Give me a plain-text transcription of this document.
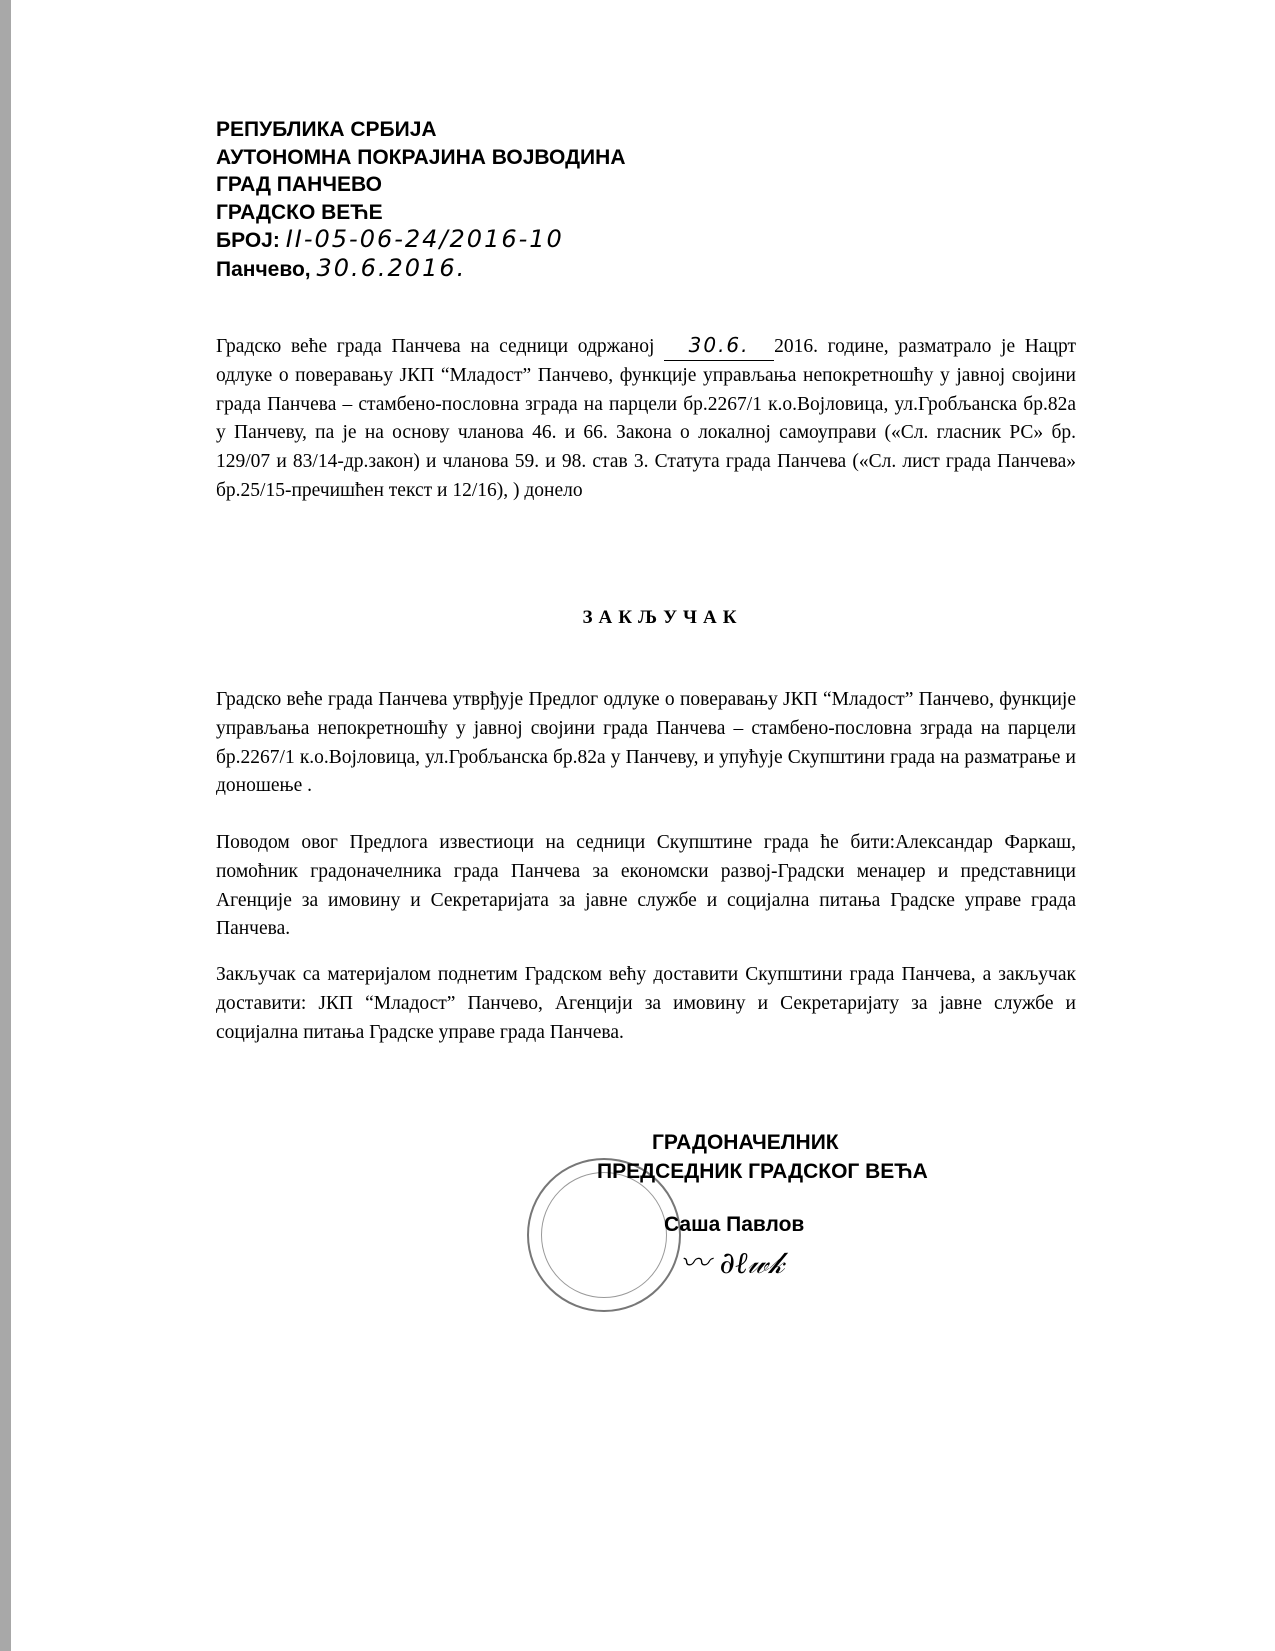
РЕПУБЛИКА СРБИЈА
АУТОНОМНА ПОКРАЈИНА ВОЈВОДИНА
ГРАД ПАНЧЕВО
ГРАДСКО ВЕЋЕ
БРОЈ: II-05-06-24/2016-10
Панчево, 30.6.2016.
Градско веће града Панчева на седници одржаној 30.6. 2016. године, разматрало је Нацрт одлуке о поверавању ЈКП “Младост” Панчево, функције управљања непокретношћу у јавној својини града Панчева – стамбено-пословна зграда на парцели бр.2267/1 к.о.Војловица, ул.Гробљанска бр.82а у Панчеву, па је на основу чланова 46. и 66. Закона о локалној самоуправи («Сл. гласник РС» бр. 129/07 и 83/14-др.закон) и чланова 59. и 98. став 3. Статута града Панчева («Сл. лист града Панчева» бр.25/15-пречишћен текст и 12/16), ) донело
ЗАКЉУЧАК
Градско веће града Панчева утврђује Предлог одлуке о поверавању ЈКП “Младост” Панчево, функције управљања непокретношћу у јавној својини града Панчева – стамбено-пословна зграда на парцели бр.2267/1 к.о.Војловица, ул.Гробљанска бр.82а у Панчеву, и упућује Скупштини града на разматрање и доношење .
Поводом овог Предлога известиоци на седници Скупштине града ће бити:Александар Фаркаш, помоћник градоначелника града Панчева за економски развој-Градски менаџер и представници Агенције за имовину и Секретаријата за јавне службе и социјална питања Градске управе града Панчева.
Закључак са материјалом поднетим Градском већу доставити Скупштини града Панчева, а закључак доставити: ЈКП “Младост” Панчево, Агенцији за имовину и Секретаријату за јавне службе и социјална питања Градске управе града Панчева.
ГРАДОНАЧЕЛНИК
ПРЕДСЕДНИК ГРАДСКОГ ВЕЋА
Саша Павлов
〰 ∂ℓ𝓌𝓀
